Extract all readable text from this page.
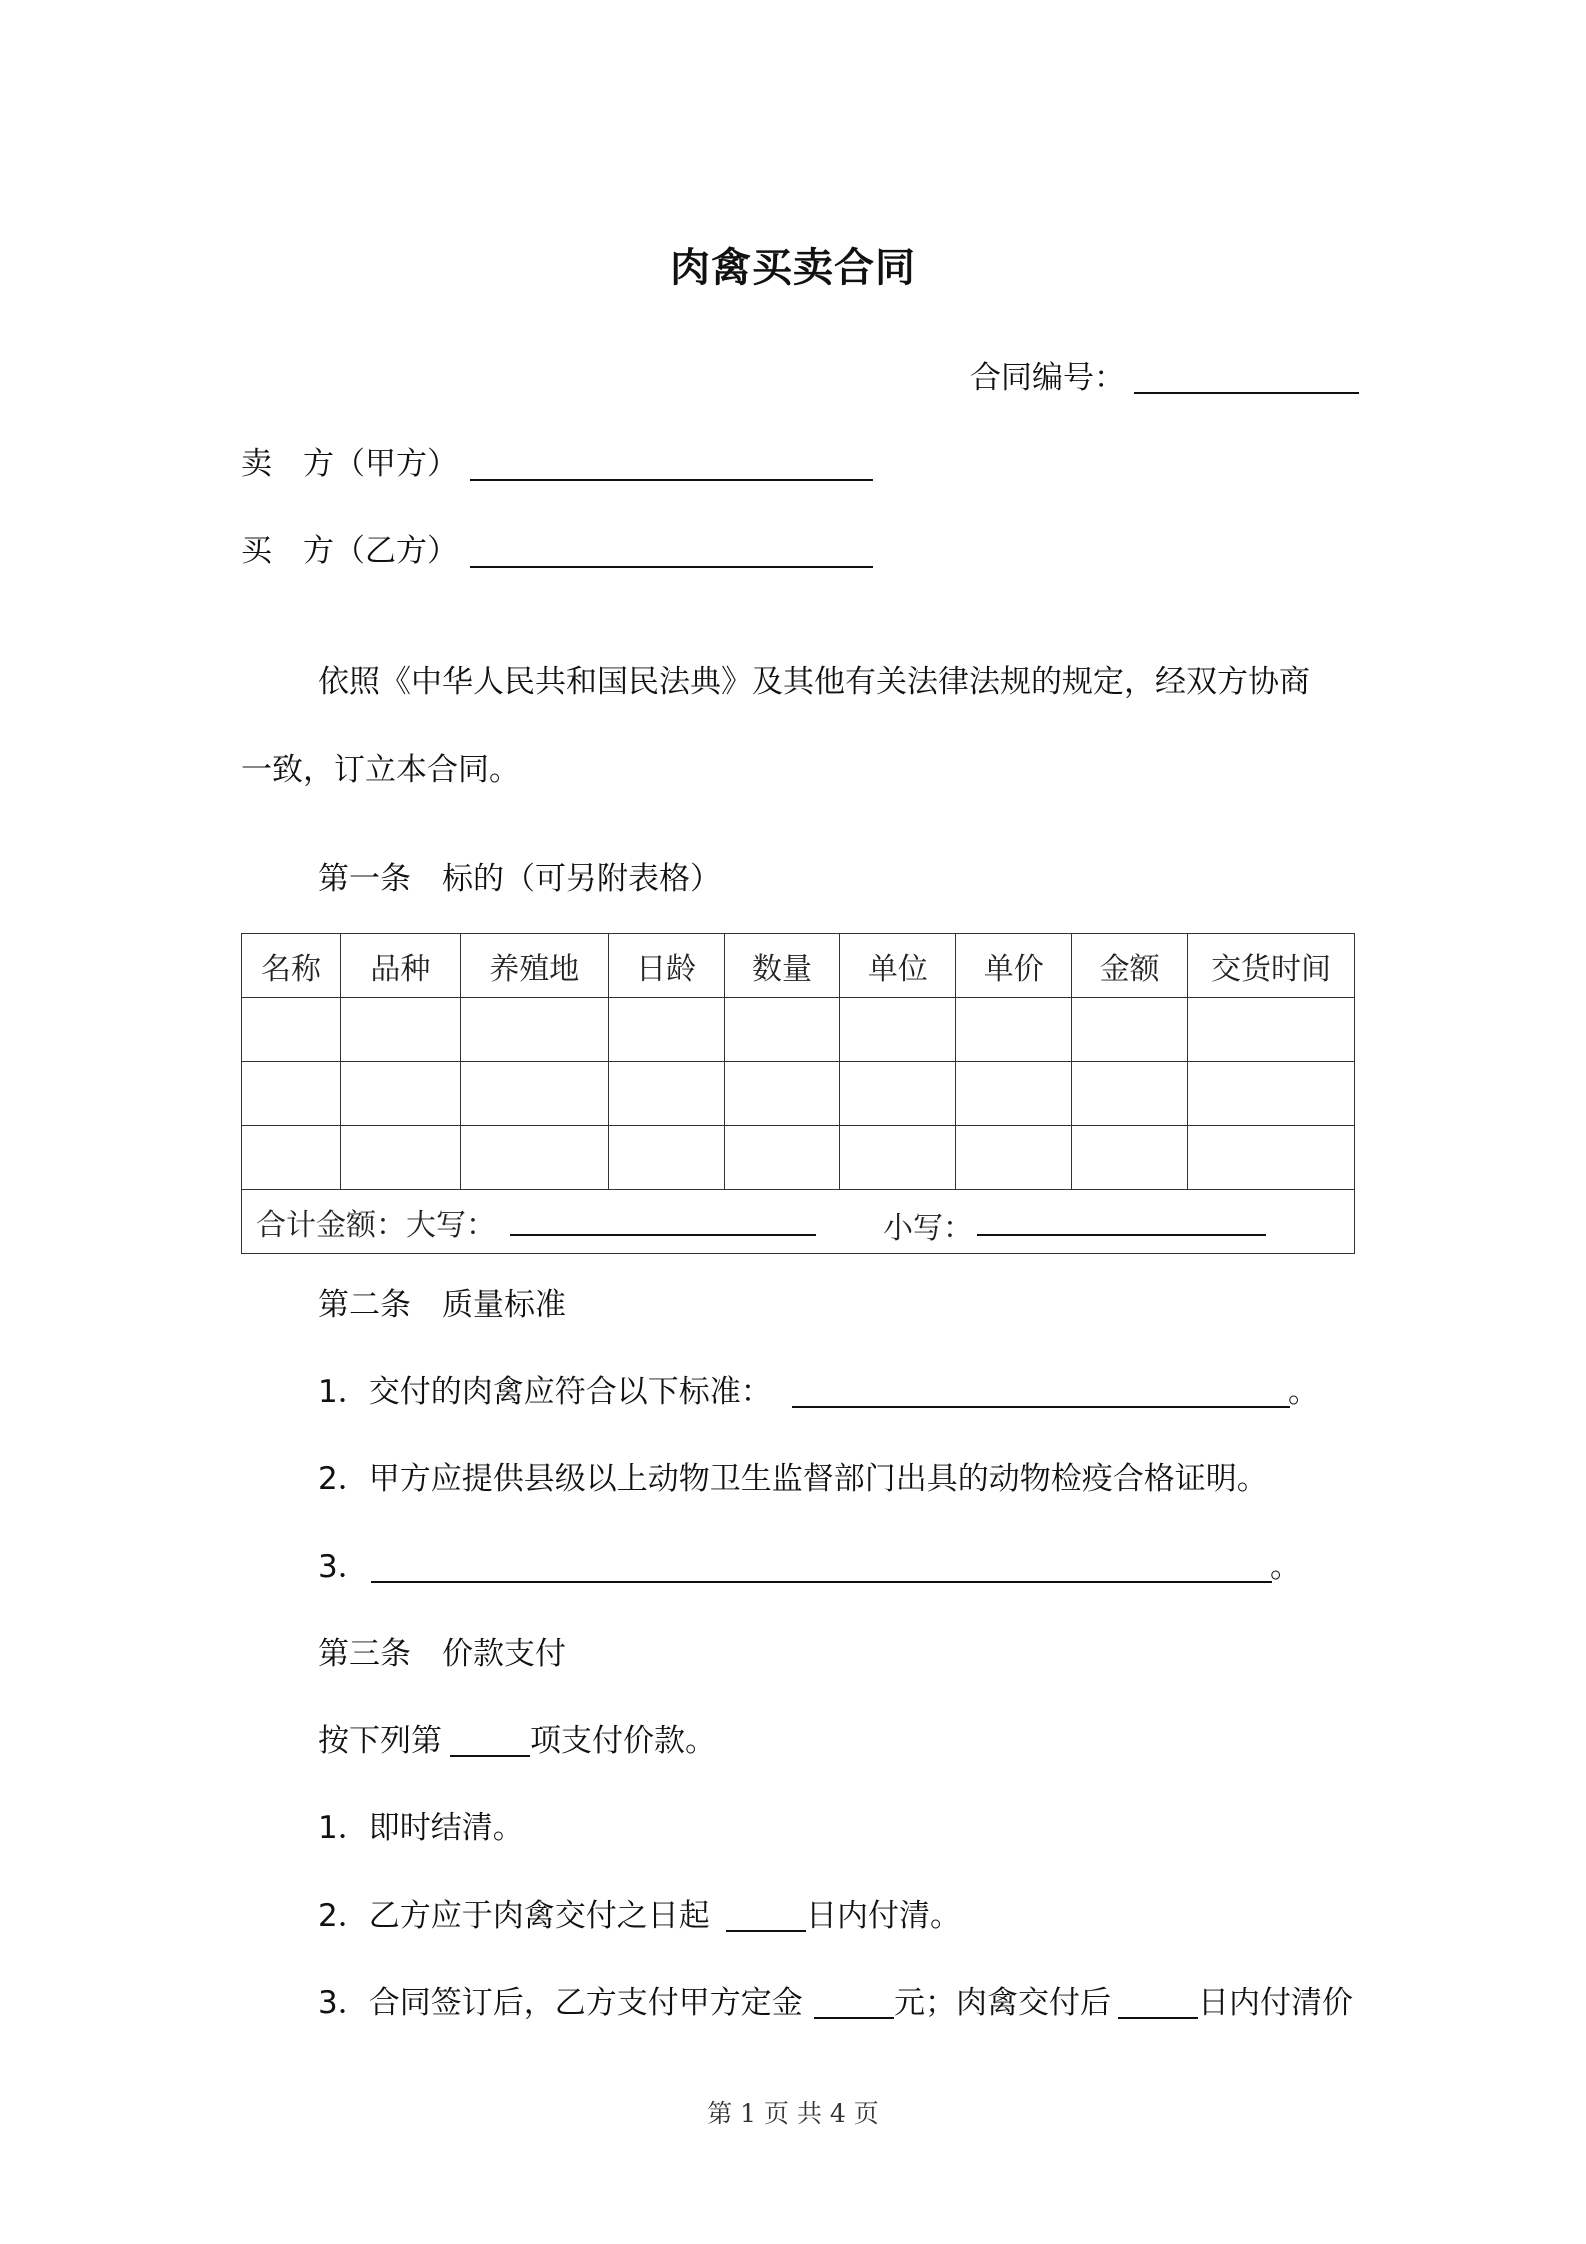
肉禽买卖合同
合同编号：
卖　方（甲方）
买　方（乙方）
依照《中华人民共和国民法典》及其他有关法律法规的规定，经双方协商
一致，订立本合同。
第一条　标的（可另附表格）
名称	品种	养殖地	日龄	数量	单位	单价	金额	交货时间

合计金额：大写： 小写：								
第二条　质量标准
1．交付的肉禽应符合以下标准：	。
2．甲方应提供县级以上动物卫生监督部门出具的动物检疫合格证明。
3．	。
第三条　价款支付
按下列第	项支付价款。
1．即时结清。
2．乙方应于肉禽交付之日起	日内付清。
3．合同签订后，乙方支付甲方定金	元；肉禽交付后	日内付清价
第 1 页 共 4 页
